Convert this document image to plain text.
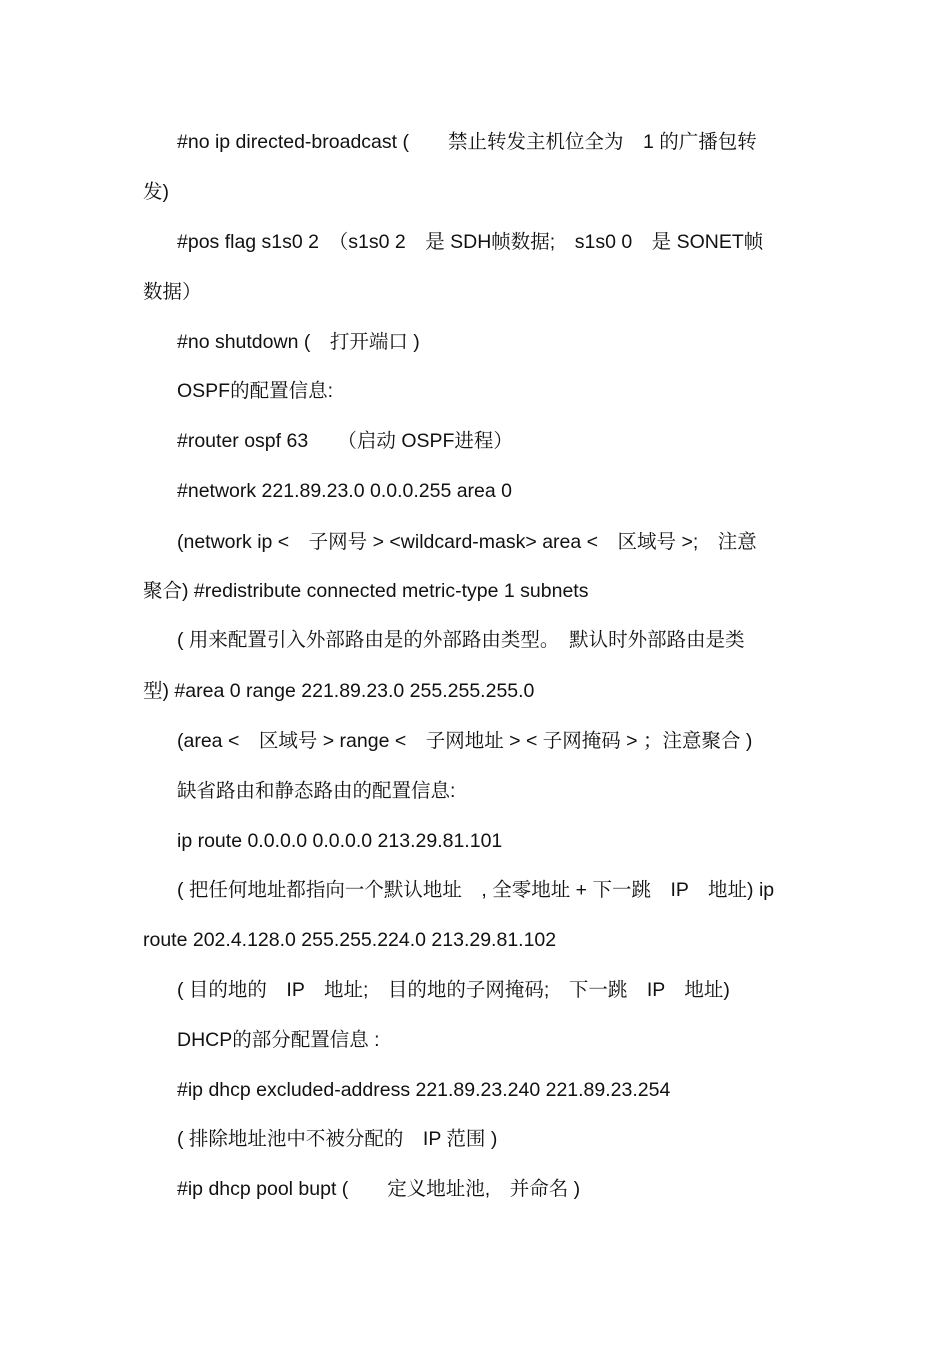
#no ip directed-broadcast (　　禁止转发主机位全为　1 的广播包转
发)
#pos flag s1s0 2　（s1s0 2　是 SDH帧数据;　s1s0 0　是 SONET帧
数据）
#no shutdown (　打开端口 )
OSPF的配置信息:
#router ospf 63　　（启动 OSPF进程）
#network 221.89.23.0 0.0.0.255 area 0
(network ip <　子网号 > <wildcard-mask> area <　区域号 >;　注意
聚合) #redistribute connected metric-type 1 subnets
( 用来配置引入外部路由是的外部路由类型。　默认时外部路由是类
型) #area 0 range 221.89.23.0 255.255.255.0
(area <　区域号 > range <　子网地址 > < 子网掩码 > ；注意聚合 )
缺省路由和静态路由的配置信息:
ip route 0.0.0.0 0.0.0.0 213.29.81.101
( 把任何地址都指向一个默认地址　, 全零地址 + 下一跳　IP　地址) ip
route 202.4.128.0 255.255.224.0 213.29.81.102
( 目的地的　IP　地址;　目的地的子网掩码;　下一跳　IP　地址)
DHCP的部分配置信息 :
#ip dhcp excluded-address 221.89.23.240 221.89.23.254
( 排除地址池中不被分配的　IP 范围 )
#ip dhcp pool bupt (　　定义地址池,　并命名 )
